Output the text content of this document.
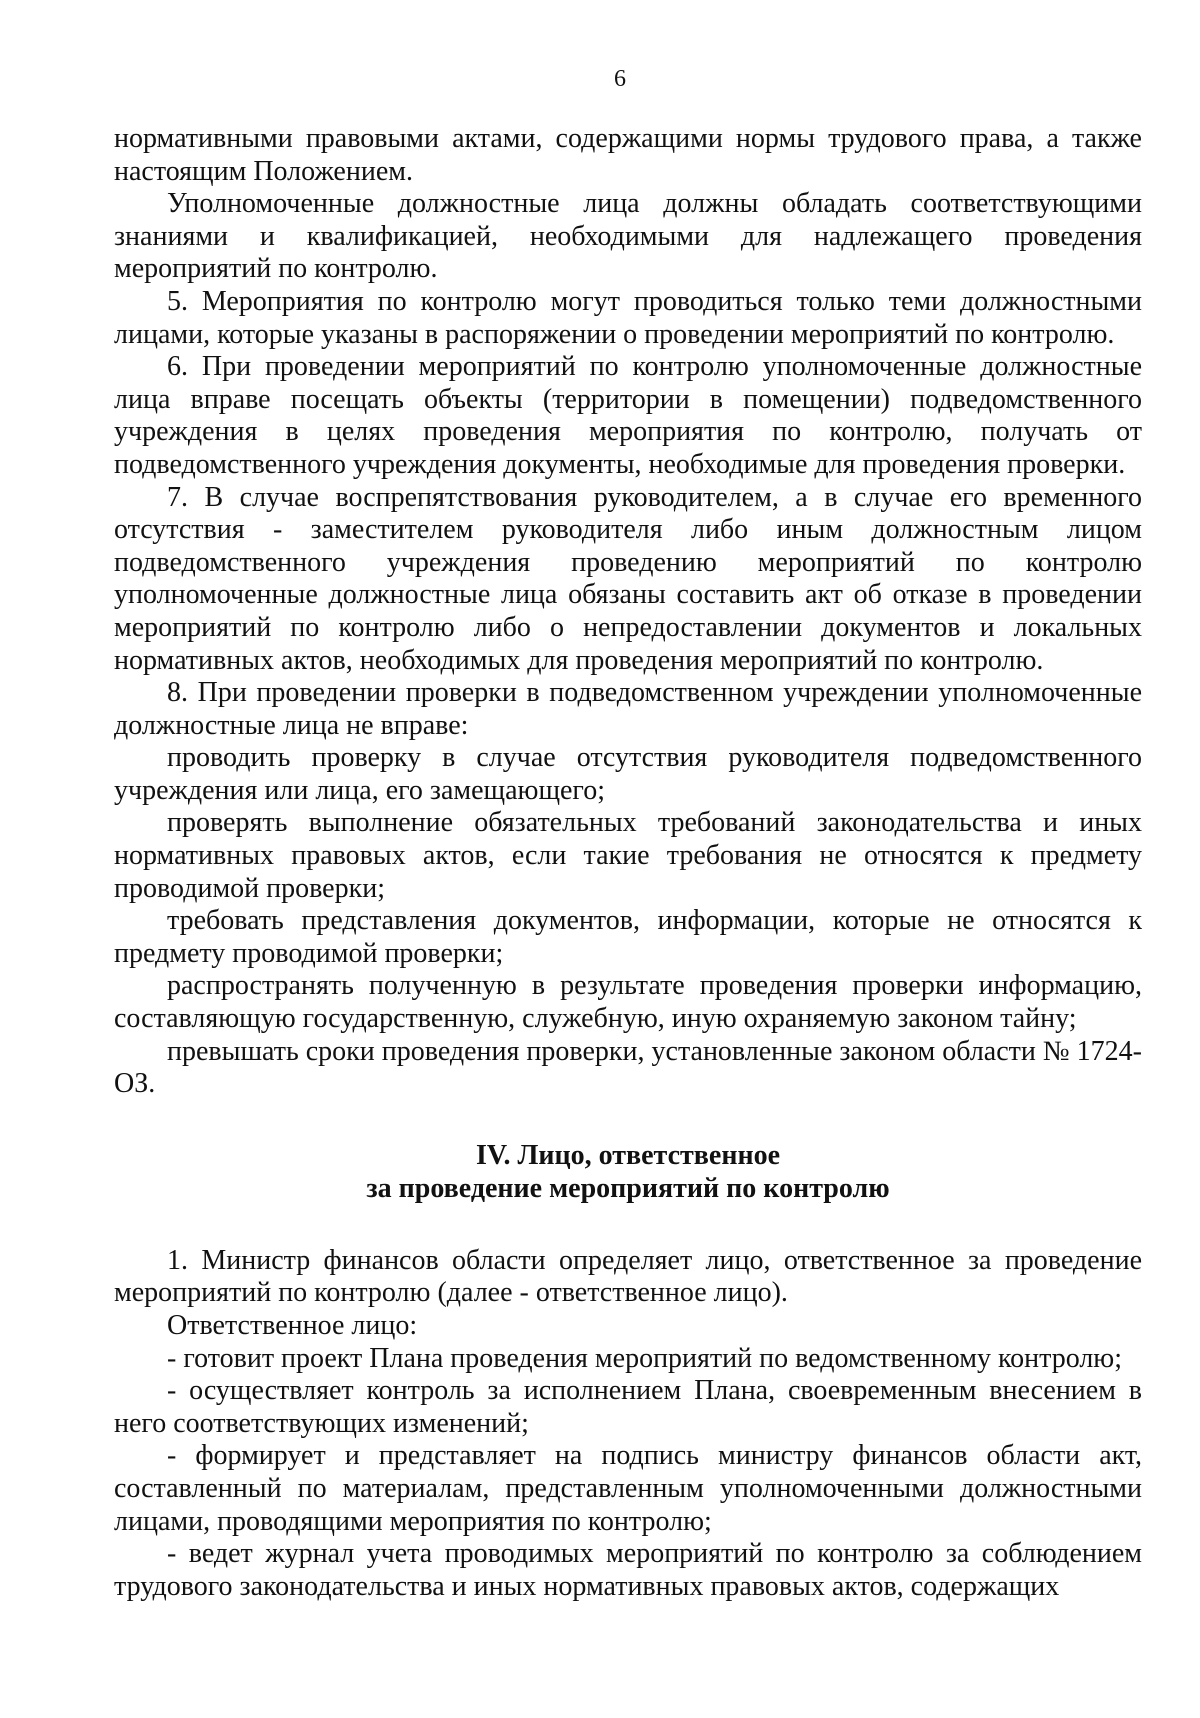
6

нормативными правовыми актами, содержащими нормы трудового права, а также настоящим Положением.

Уполномоченные должностные лица должны обладать соответствующими знаниями и квалификацией, необходимыми для надлежащего проведения мероприятий по контролю.

5. Мероприятия по контролю могут проводиться только теми должностными лицами, которые указаны в распоряжении о проведении мероприятий по контролю.

6. При проведении мероприятий по контролю уполномоченные должностные лица вправе посещать объекты (территории в помещении) подведомственного учреждения в целях проведения мероприятия по контролю, получать от подведомственного учреждения документы, необходимые для проведения проверки.

7. В случае воспрепятствования руководителем, а в случае его временного отсутствия - заместителем руководителя либо иным должностным лицом подведомственного учреждения проведению мероприятий по контролю уполномоченные должностные лица обязаны составить акт об отказе в проведении мероприятий по контролю либо о непредоставлении документов и локальных нормативных актов, необходимых для проведения мероприятий по контролю.

8. При проведении проверки в подведомственном учреждении уполномоченные должностные лица не вправе:

проводить проверку в случае отсутствия руководителя подведомственного учреждения или лица, его замещающего;

проверять выполнение обязательных требований законодательства и иных нормативных правовых актов, если такие требования не относятся к предмету проводимой проверки;

требовать представления документов, информации, которые не относятся к предмету проводимой проверки;

распространять полученную в результате проведения проверки информацию, составляющую государственную, служебную, иную охраняемую законом тайну;

превышать сроки проведения проверки, установленные законом области № 1724-ОЗ.

IV. Лицо, ответственное
за проведение мероприятий по контролю

1. Министр финансов области определяет лицо, ответственное за проведение мероприятий по контролю (далее - ответственное лицо).

Ответственное лицо:

- готовит проект Плана проведения мероприятий по ведомственному контролю;

- осуществляет контроль за исполнением Плана, своевременным внесением в него соответствующих изменений;

- формирует и представляет на подпись министру финансов области акт, составленный по материалам, представленным уполномоченными должностными лицами, проводящими мероприятия по контролю;

- ведет журнал учета проводимых мероприятий по контролю за соблюдением трудового законодательства и иных нормативных правовых актов, содержащих
